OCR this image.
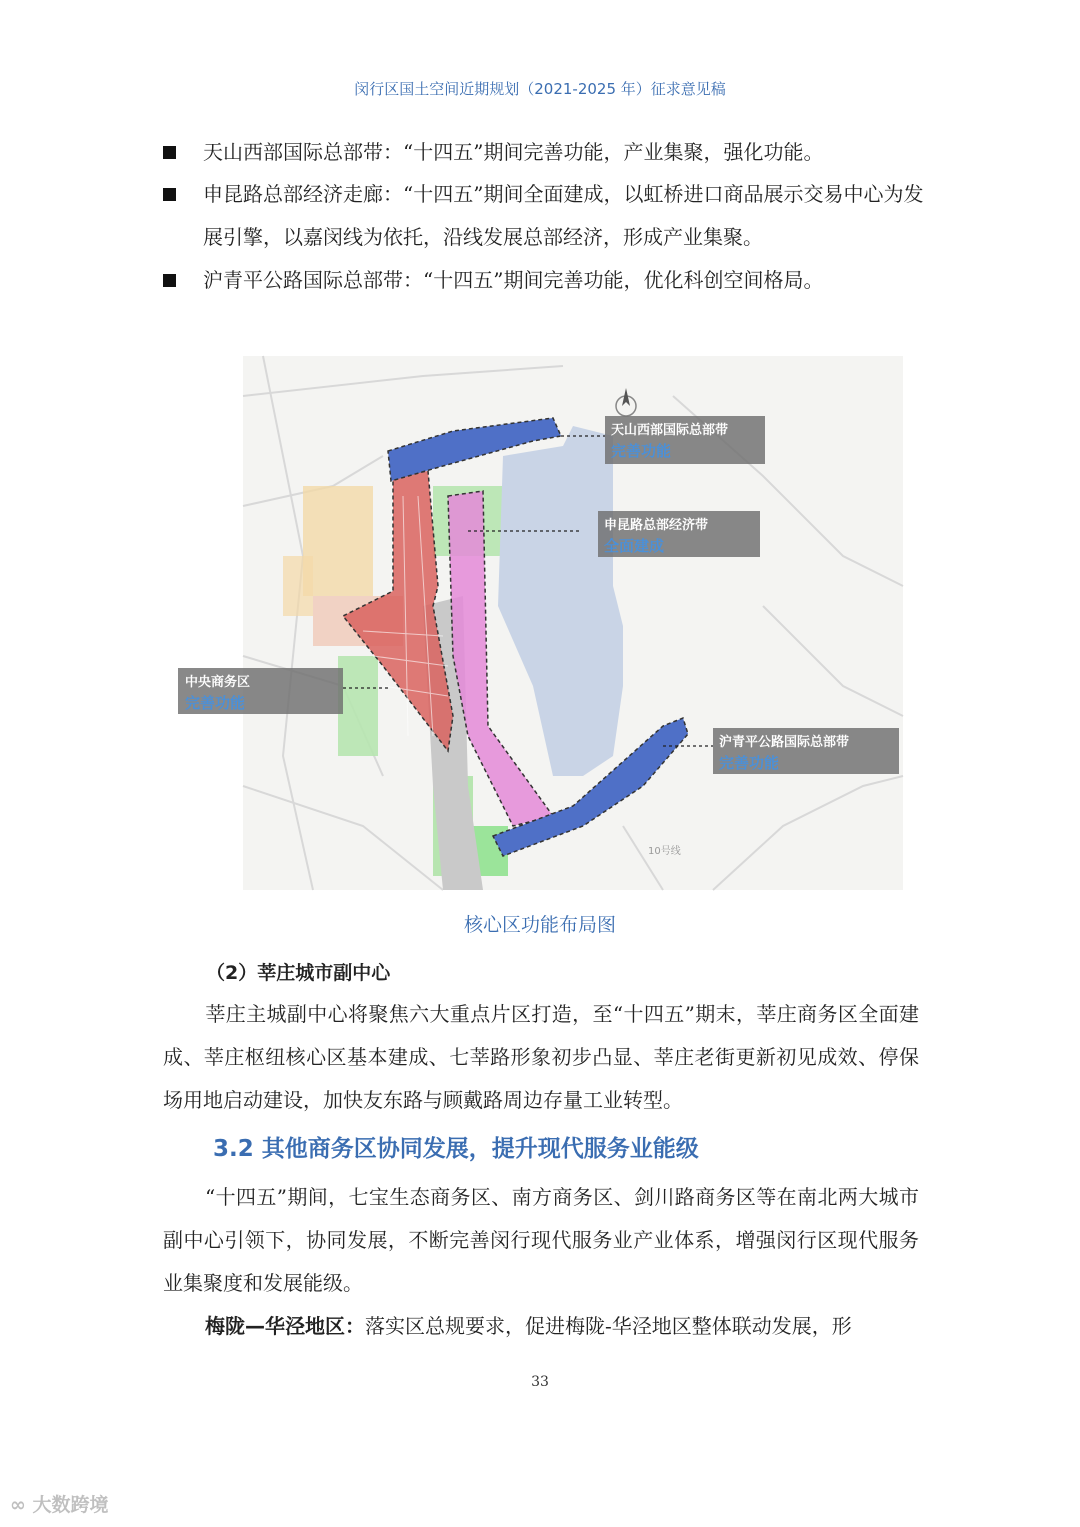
闵行区国土空间近期规划（2021-2025 年）征求意见稿
天山西部国际总部带：“十四五”期间完善功能，产业集聚，强化功能。
申昆路总部经济走廊：“十四五”期间全面建成，以虹桥进口商品展示交易中心为发展引擎，以嘉闵线为依托，沿线发展总部经济，形成产业集聚。
沪青平公路国际总部带：“十四五”期间完善功能，优化科创空间格局。
天山西部国际总部带
完善功能
申昆路总部经济带
全面建成
中央商务区
完善功能
沪青平公路国际总部带
完善功能
10号线
核心区功能布局图
（2）莘庄城市副中心
莘庄主城副中心将聚焦六大重点片区打造，至“十四五”期末，莘庄商务区全面建成、莘庄枢纽核心区基本建成、七莘路形象初步凸显、莘庄老街更新初见成效、停保场用地启动建设，加快友东路与顾戴路周边存量工业转型。
3.2 其他商务区协同发展，提升现代服务业能级
“十四五”期间，七宝生态商务区、南方商务区、剑川路商务区等在南北两大城市副中心引领下，协同发展，不断完善闵行现代服务业产业体系，增强闵行区现代服务业集聚度和发展能级。
梅陇—华泾地区：落实区总规要求，促进梅陇-华泾地区整体联动发展，形
33
∞ 大数跨境
